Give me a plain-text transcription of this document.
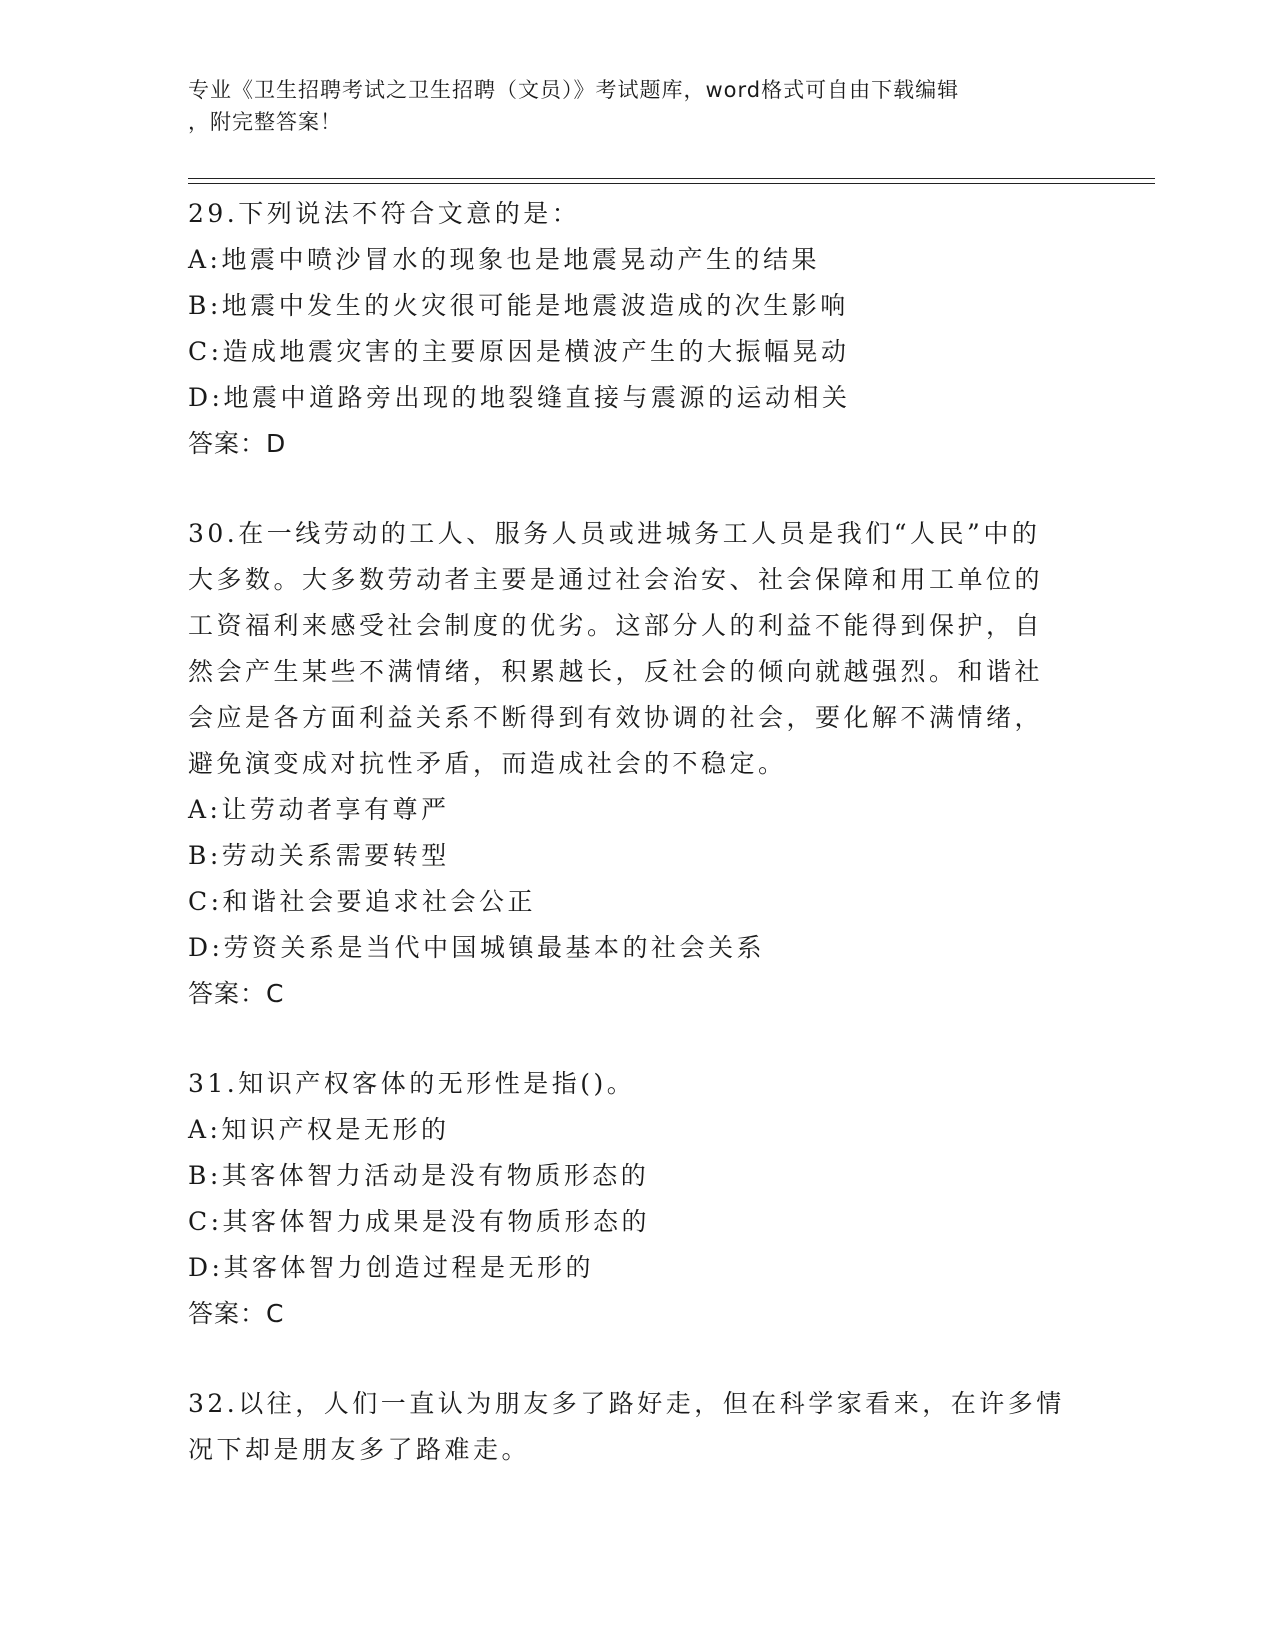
专业《卫生招聘考试之卫生招聘（文员）》考试题库，word格式可自由下载编辑
，附完整答案！
29.下列说法不符合文意的是：
A:地震中喷沙冒水的现象也是地震晃动产生的结果
B:地震中发生的火灾很可能是地震波造成的次生影响
C:造成地震灾害的主要原因是横波产生的大振幅晃动
D:地震中道路旁出现的地裂缝直接与震源的运动相关
答案：D
30.在一线劳动的工人、服务人员或进城务工人员是我们“人民”中的
大多数。大多数劳动者主要是通过社会治安、社会保障和用工单位的
工资福利来感受社会制度的优劣。这部分人的利益不能得到保护，自
然会产生某些不满情绪，积累越长，反社会的倾向就越强烈。和谐社
会应是各方面利益关系不断得到有效协调的社会，要化解不满情绪，
避免演变成对抗性矛盾，而造成社会的不稳定。
A:让劳动者享有尊严
B:劳动关系需要转型
C:和谐社会要追求社会公正
D:劳资关系是当代中国城镇最基本的社会关系
答案：C
31.知识产权客体的无形性是指()。
A:知识产权是无形的
B:其客体智力活动是没有物质形态的
C:其客体智力成果是没有物质形态的
D:其客体智力创造过程是无形的
答案：C
32.以往，人们一直认为朋友多了路好走，但在科学家看来，在许多情
况下却是朋友多了路难走。
